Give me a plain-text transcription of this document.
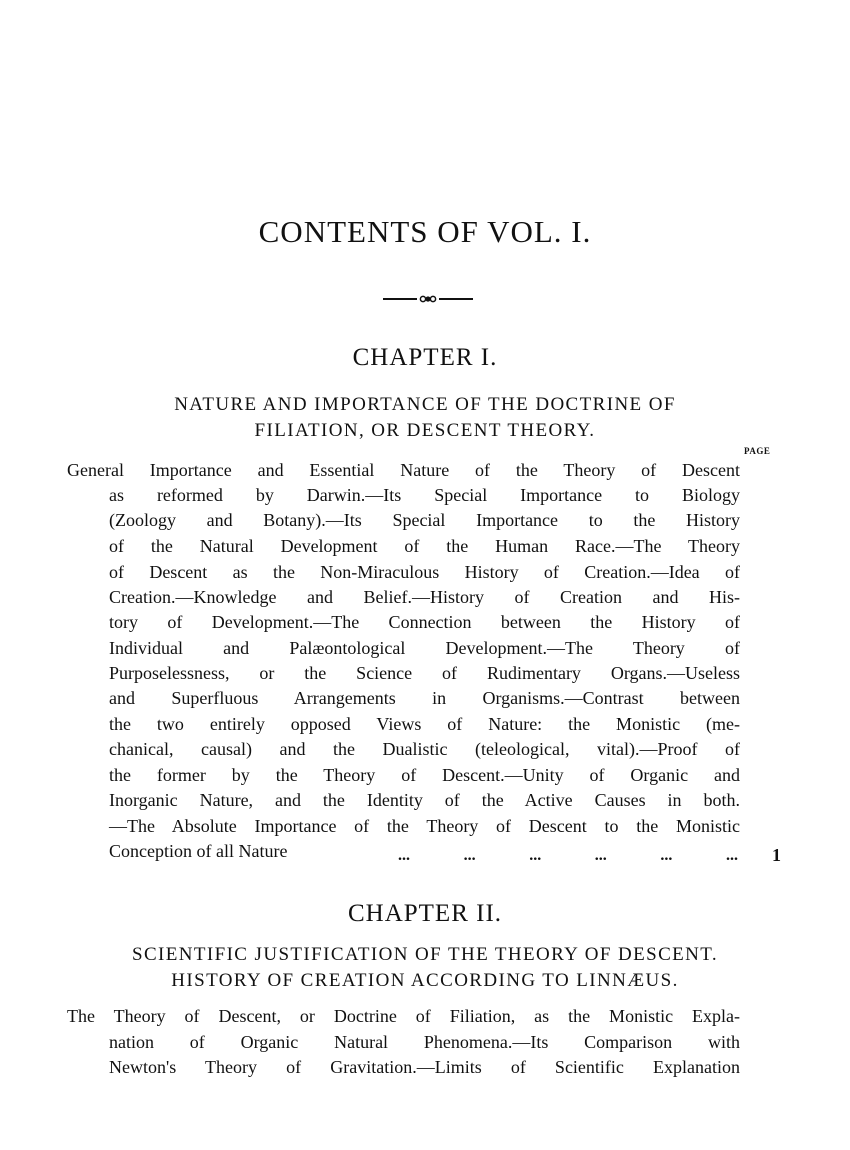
CONTENTS OF VOL. I.
CHAPTER I.
NATURE AND IMPORTANCE OF THE DOCTRINE OF
FILIATION, OR DESCENT THEORY.
PAGE
General Importance and Essential Nature of the Theory of Descent
as reformed by Darwin.—Its Special Importance to Biology
(Zoology and Botany).—Its Special Importance to the History
of the Natural Development of the Human Race.—The Theory
of Descent as the Non-Miraculous History of Creation.—Idea of
Creation.—Knowledge and Belief.—History of Creation and His-
tory of Development.—The Connection between the History of
Individual and Palæontological Development.—The Theory of
Purposelessness, or the Science of Rudimentary Organs.—Useless
and Superfluous Arrangements in Organisms.—Contrast between
the two entirely opposed Views of Nature: the Monistic (me-
chanical, causal) and the Dualistic (teleological, vital).—Proof of
the former by the Theory of Descent.—Unity of Organic and
Inorganic Nature, and the Identity of the Active Causes in both.
—The Absolute Importance of the Theory of Descent to the Monistic
Conception of all Nature	... ... ... ... ... ... 1
CHAPTER II.
SCIENTIFIC JUSTIFICATION OF THE THEORY OF DESCENT.
HISTORY OF CREATION ACCORDING TO LINNÆUS.
The Theory of Descent, or Doctrine of Filiation, as the Monistic Expla-
nation of Organic Natural Phenomena.—Its Comparison with
Newton's Theory of Gravitation.—Limits of Scientific Explanation
